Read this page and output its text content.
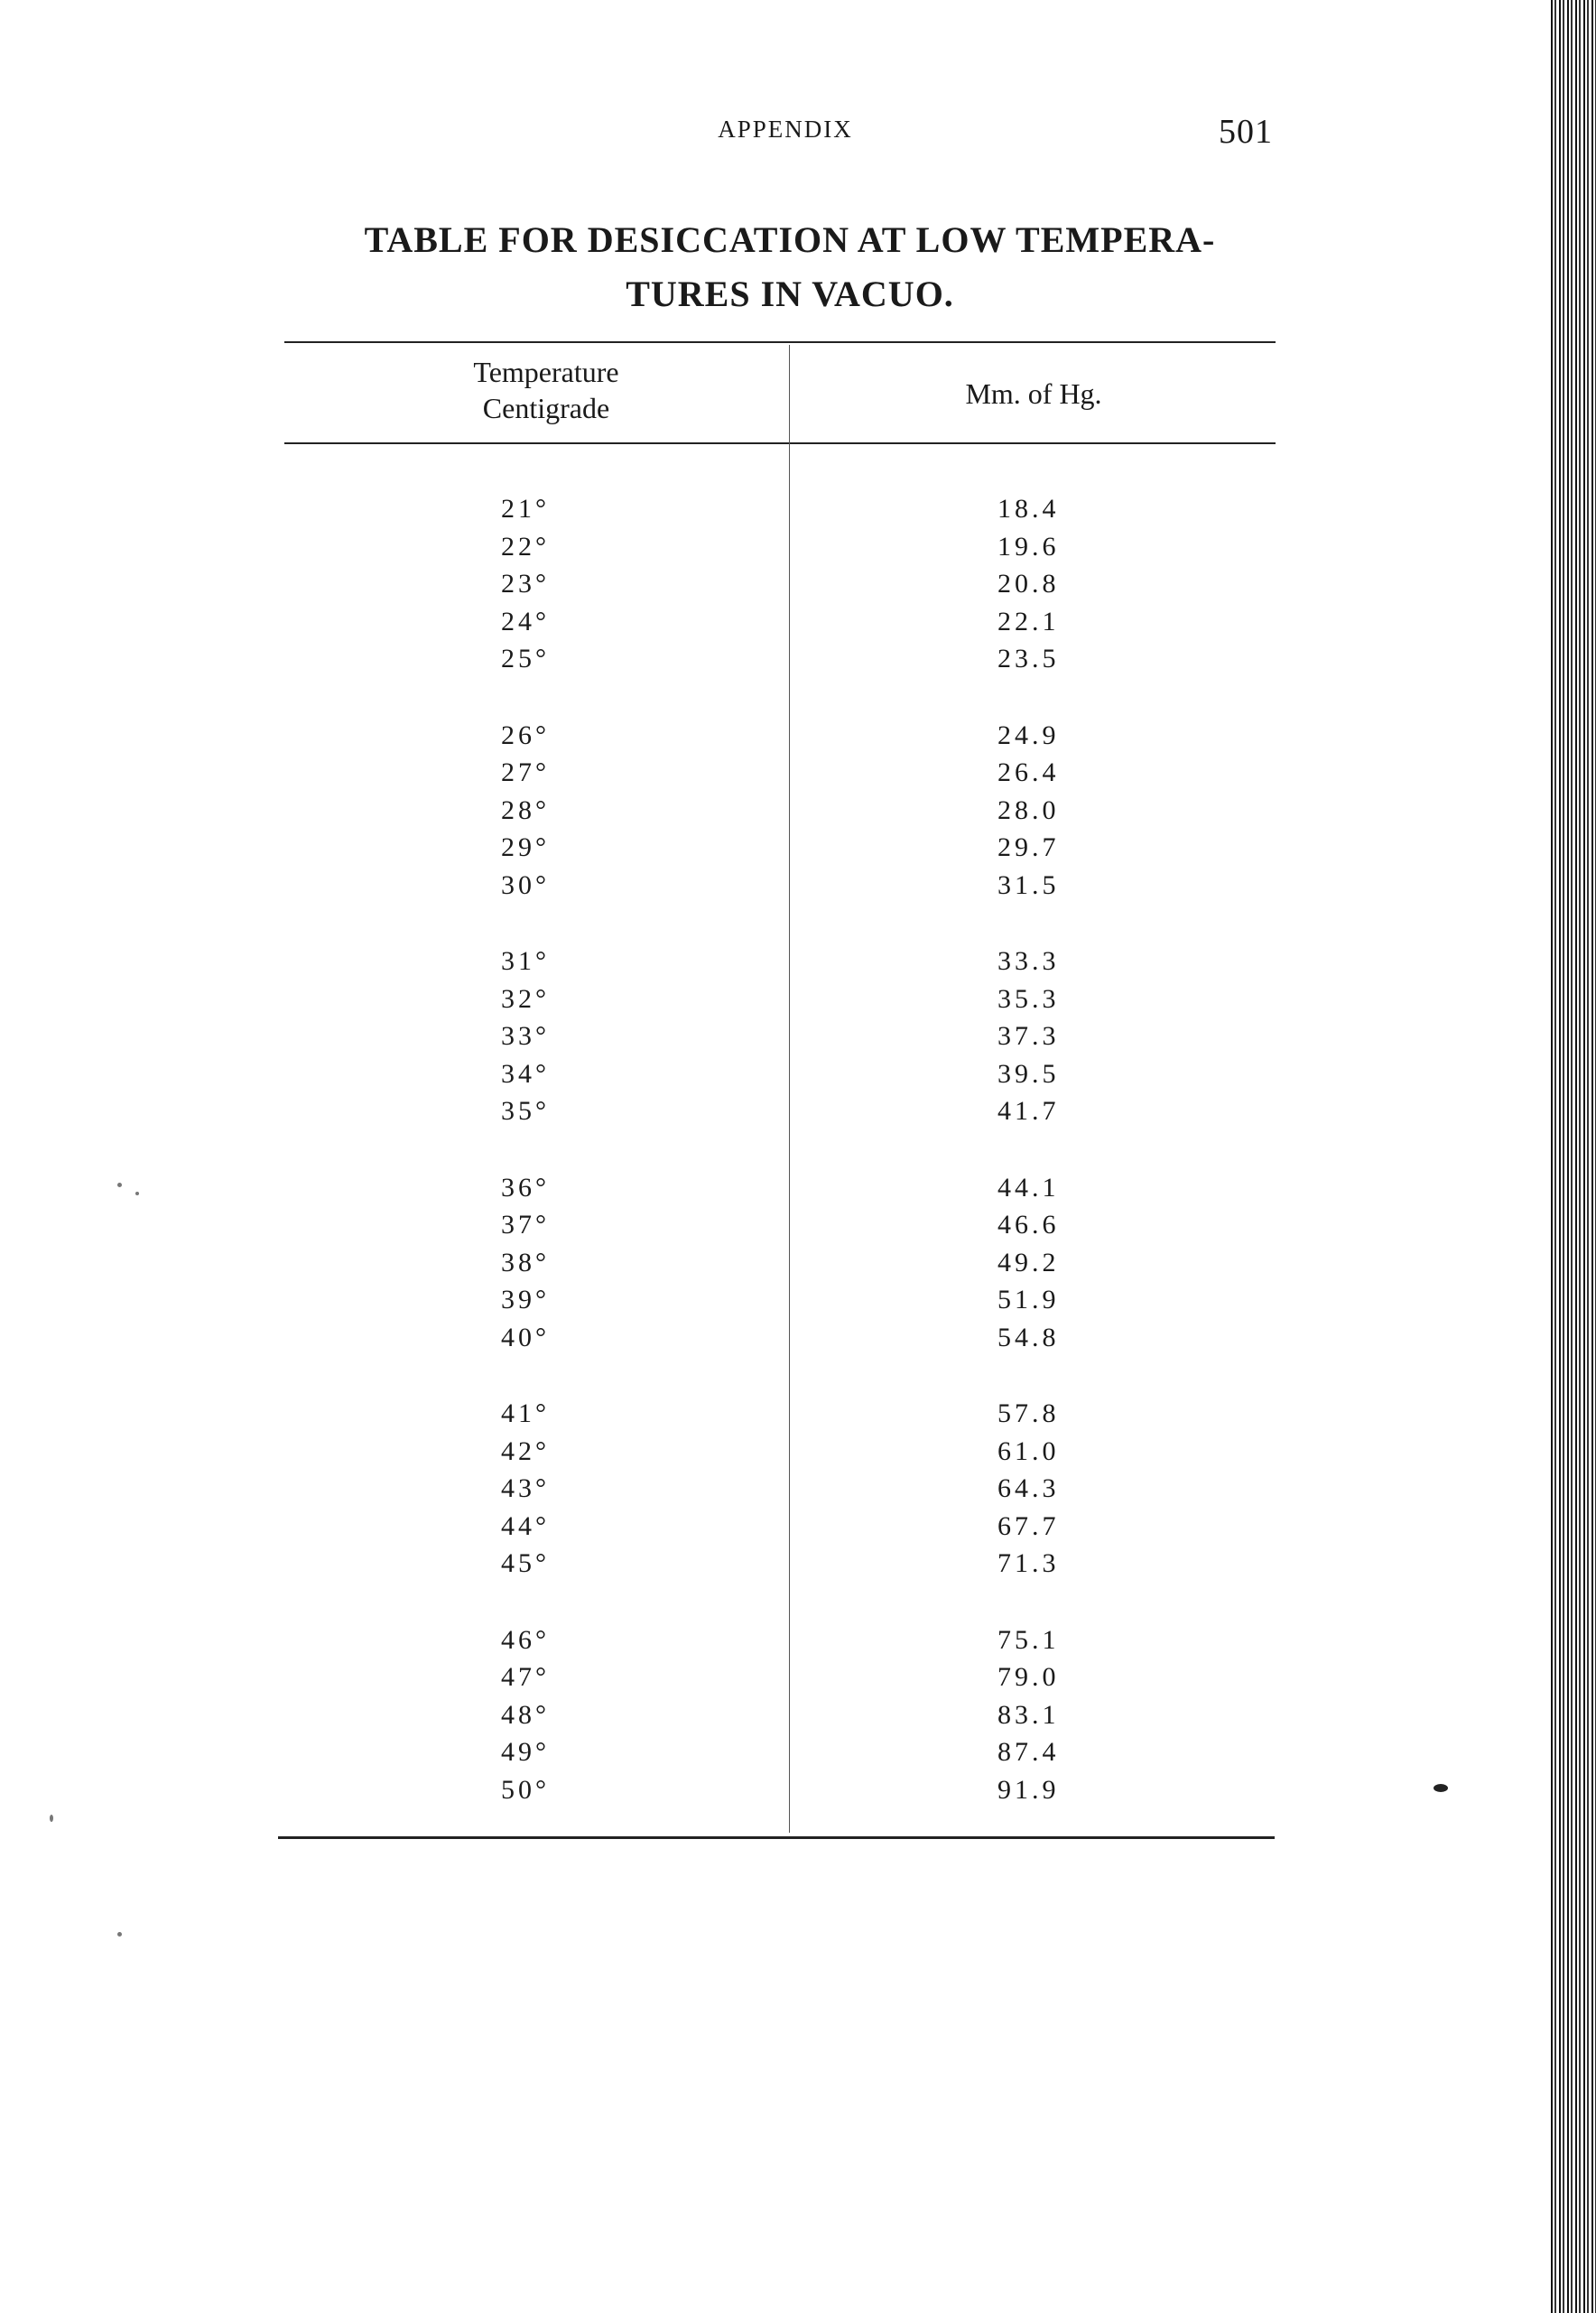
APPENDIX	501
TABLE FOR DESICCATION AT LOW TEMPERA-
TURES IN VACUO.
Temperature
Centigrade	Mm. of Hg.
21°	18.4
22°	19.6
23°	20.8
24°	22.1
25°	23.5
26°	24.9
27°	26.4
28°	28.0
29°	29.7
30°	31.5
31°	33.3
32°	35.3
33°	37.3
34°	39.5
35°	41.7
36°	44.1
37°	46.6
38°	49.2
39°	51.9
40°	54.8
41°	57.8
42°	61.0
43°	64.3
44°	67.7
45°	71.3
46°	75.1
47°	79.0
48°	83.1
49°	87.4
50°	91.9
